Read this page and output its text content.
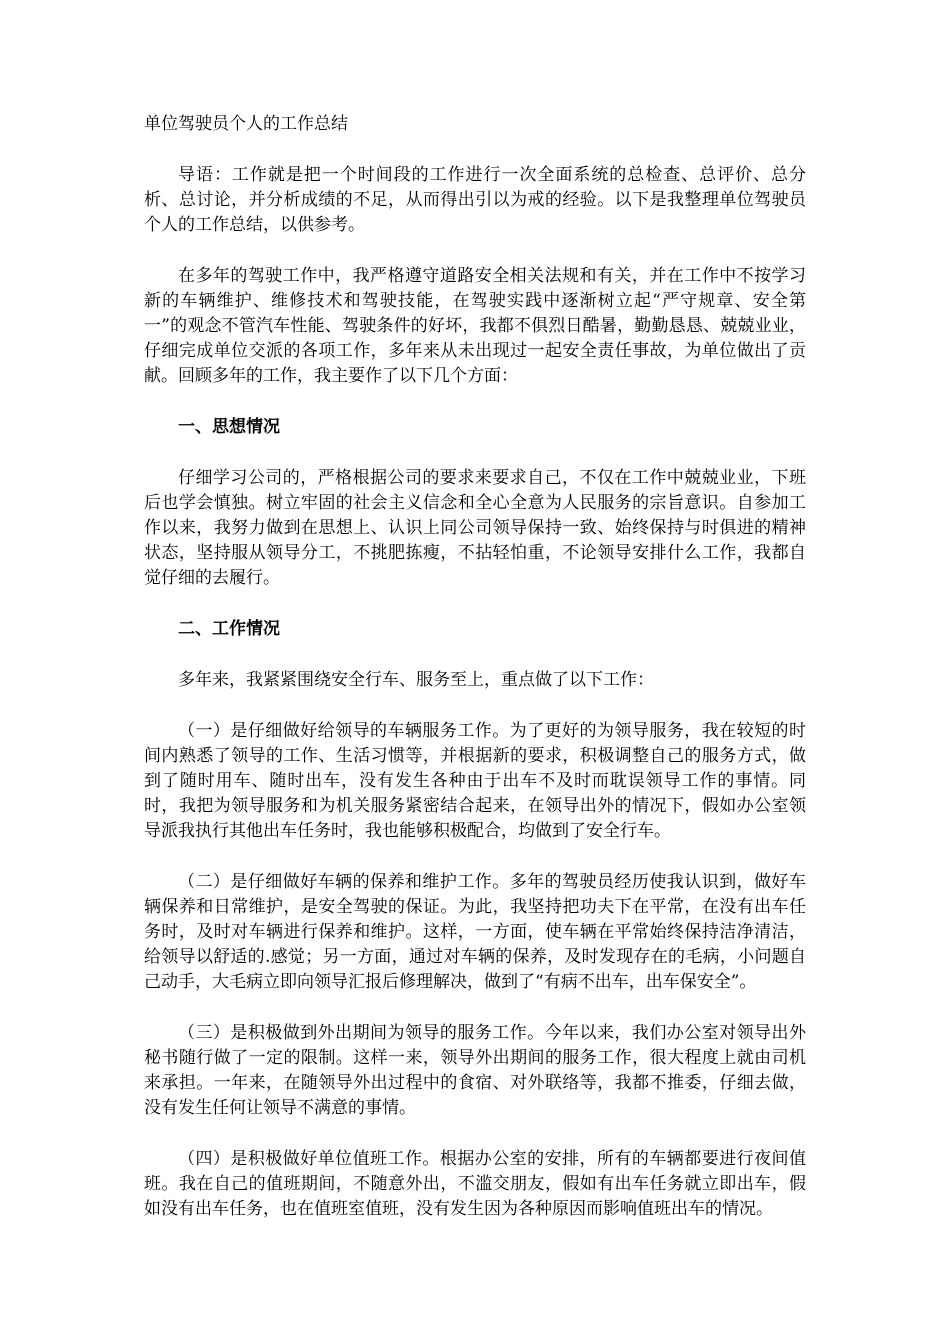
单位驾驶员个人的工作总结

导语：工作就是把一个时间段的工作进行一次全面系统的总检查、总评价、总分析、总讨论，并分析成绩的不足，从而得出引以为戒的经验。以下是我整理单位驾驶员个人的工作总结，以供参考。

在多年的驾驶工作中，我严格遵守道路安全相关法规和有关，并在工作中不按学习新的车辆维护、维修技术和驾驶技能，在驾驶实践中逐渐树立起“严守规章、安全第一”的观念不管汽车性能、驾驶条件的好坏，我都不俱烈日酷暑，勤勤恳恳、兢兢业业，仔细完成单位交派的各项工作，多年来从未出现过一起安全责任事故，为单位做出了贡献。回顾多年的工作，我主要作了以下几个方面：

一、思想情况

仔细学习公司的，严格根据公司的要求来要求自己，不仅在工作中兢兢业业，下班后也学会慎独。树立牢固的社会主义信念和全心全意为人民服务的宗旨意识。自参加工作以来，我努力做到在思想上、认识上同公司领导保持一致、始终保持与时俱进的精神状态，坚持服从领导分工，不挑肥拣瘦，不拈轻怕重，不论领导安排什么工作，我都自觉仔细的去履行。

二、工作情况

多年来，我紧紧围绕安全行车、服务至上，重点做了以下工作：

（一）是仔细做好给领导的车辆服务工作。为了更好的为领导服务，我在较短的时间内熟悉了领导的工作、生活习惯等，并根据新的要求，积极调整自己的服务方式，做到了随时用车、随时出车，没有发生各种由于出车不及时而耽误领导工作的事情。同时，我把为领导服务和为机关服务紧密结合起来，在领导出外的情况下，假如办公室领导派我执行其他出车任务时，我也能够积极配合，均做到了安全行车。

（二）是仔细做好车辆的保养和维护工作。多年的驾驶员经历使我认识到，做好车辆保养和日常维护，是安全驾驶的保证。为此，我坚持把功夫下在平常，在没有出车任务时，及时对车辆进行保养和维护。这样，一方面，使车辆在平常始终保持洁净清洁，给领导以舒适的.感觉；另一方面，通过对车辆的保养，及时发现存在的毛病，小问题自己动手，大毛病立即向领导汇报后修理解决，做到了“有病不出车，出车保安全”。

（三）是积极做到外出期间为领导的服务工作。今年以来，我们办公室对领导出外秘书随行做了一定的限制。这样一来，领导外出期间的服务工作，很大程度上就由司机来承担。一年来，在随领导外出过程中的食宿、对外联络等，我都不推委，仔细去做，没有发生任何让领导不满意的事情。

（四）是积极做好单位值班工作。根据办公室的安排，所有的车辆都要进行夜间值班。我在自己的值班期间，不随意外出，不滥交朋友，假如有出车任务就立即出车，假如没有出车任务，也在值班室值班，没有发生因为各种原因而影响值班出车的情况。
